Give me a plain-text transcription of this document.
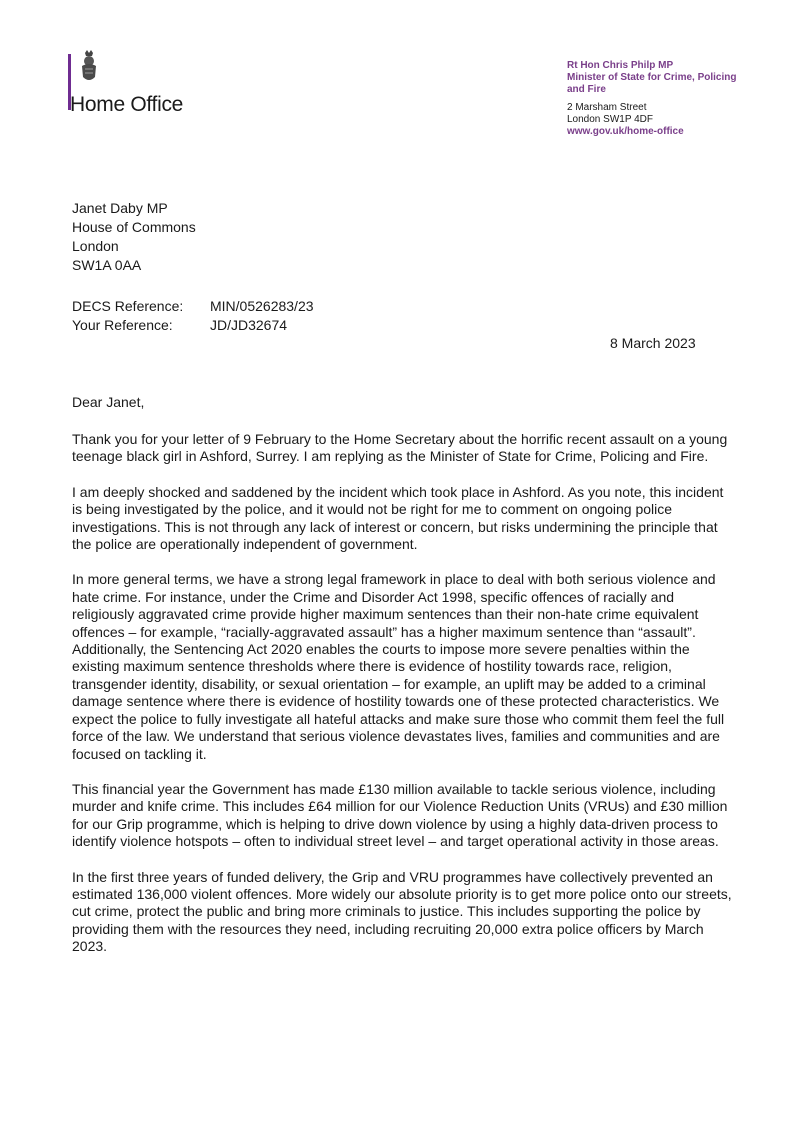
Home Office
Rt Hon Chris Philp MP
Minister of State for Crime, Policing and Fire
2 Marsham Street
London SW1P 4DF
www.gov.uk/home-office
Janet Daby MP
House of Commons
London
SW1A 0AA
DECS Reference: MIN/0526283/23
Your Reference:	JD/JD32674
8 March 2023
Dear Janet,

Thank you for your letter of 9 February to the Home Secretary about the horrific recent assault on a young teenage black girl in Ashford, Surrey. I am replying as the Minister of State for Crime, Policing and Fire.

I am deeply shocked and saddened by the incident which took place in Ashford. As you note, this incident is being investigated by the police, and it would not be right for me to comment on ongoing police investigations. This is not through any lack of interest or concern, but risks undermining the principle that the police are operationally independent of government.

In more general terms, we have a strong legal framework in place to deal with both serious violence and hate crime. For instance, under the Crime and Disorder Act 1998, specific offences of racially and religiously aggravated crime provide higher maximum sentences than their non-hate crime equivalent offences – for example, “racially-aggravated assault” has a higher maximum sentence than “assault”. Additionally, the Sentencing Act 2020 enables the courts to impose more severe penalties within the existing maximum sentence thresholds where there is evidence of hostility towards race, religion, transgender identity, disability, or sexual orientation – for example, an uplift may be added to a criminal damage sentence where there is evidence of hostility towards one of these protected characteristics. We expect the police to fully investigate all hateful attacks and make sure those who commit them feel the full force of the law. We understand that serious violence devastates lives, families and communities and are focused on tackling it.

This financial year the Government has made £130 million available to tackle serious violence, including murder and knife crime. This includes £64 million for our Violence Reduction Units (VRUs) and £30 million for our Grip programme, which is helping to drive down violence by using a highly data-driven process to identify violence hotspots – often to individual street level – and target operational activity in those areas.

In the first three years of funded delivery, the Grip and VRU programmes have collectively prevented an estimated 136,000 violent offences. More widely our absolute priority is to get more police onto our streets, cut crime, protect the public and bring more criminals to justice. This includes supporting the police by providing them with the resources they need, including recruiting 20,000 extra police officers by March 2023.
